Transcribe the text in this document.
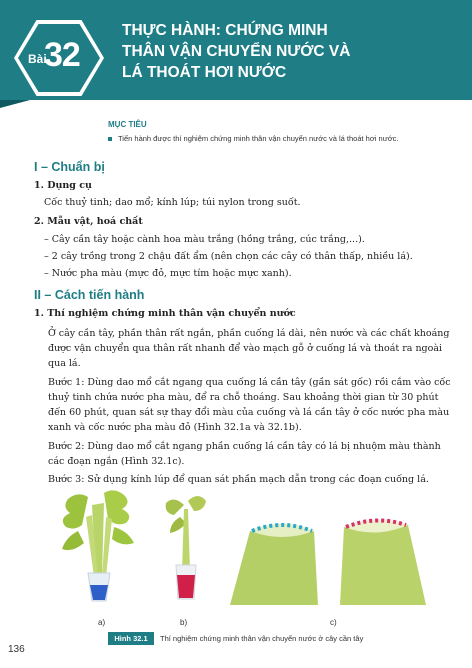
Bài
32
THỰC HÀNH: CHỨNG MINH
THÂN VẬN CHUYỂN NƯỚC VÀ
LÁ THOÁT HƠI NƯỚC
MỤC TIÊU
Tiến hành được thí nghiệm chứng minh thân vận chuyển nước và lá thoát hơi nước.
I – Chuẩn bị
1. Dụng cụ
Cốc thuỷ tinh; dao mổ; kính lúp; túi nylon trong suốt.
2. Mẫu vật, hoá chất
– Cây cần tây hoặc cành hoa màu trắng (hồng trắng, cúc trắng,...).
– 2 cây trồng trong 2 chậu đất ẩm (nên chọn các cây có thân thấp, nhiều lá).
– Nước pha màu (mực đỏ, mực tím hoặc mực xanh).
II – Cách tiến hành
1. Thí nghiệm chứng minh thân vận chuyển nước
Ở cây cần tây, phần thân rất ngắn, phần cuống lá dài, nên nước và các chất khoáng
được vận chuyển qua thân rất nhanh để vào mạch gỗ ở cuống lá và thoát ra ngoài
qua lá.
Bước 1: Dùng dao mổ cắt ngang qua cuống lá cần tây (gần sát gốc) rồi cắm vào cốc
thuỷ tinh chứa nước pha màu, để ra chỗ thoáng. Sau khoảng thời gian từ 30 phút
đến 60 phút, quan sát sự thay đổi màu của cuống và lá cần tây ở cốc nước pha màu
xanh và cốc nước pha màu đỏ (Hình 32.1a và 32.1b).
Bước 2: Dùng dao mổ cắt ngang phần cuống lá cần tây có lá bị nhuộm màu thành
các đoạn ngắn (Hình 32.1c).
Bước 3: Sử dụng kính lúp để quan sát phần mạch dẫn trong các đoạn cuống lá.
a)	b)	c)
Hình 32.1	Thí nghiệm chứng minh thân vận chuyển nước ở cây cần tây
136
